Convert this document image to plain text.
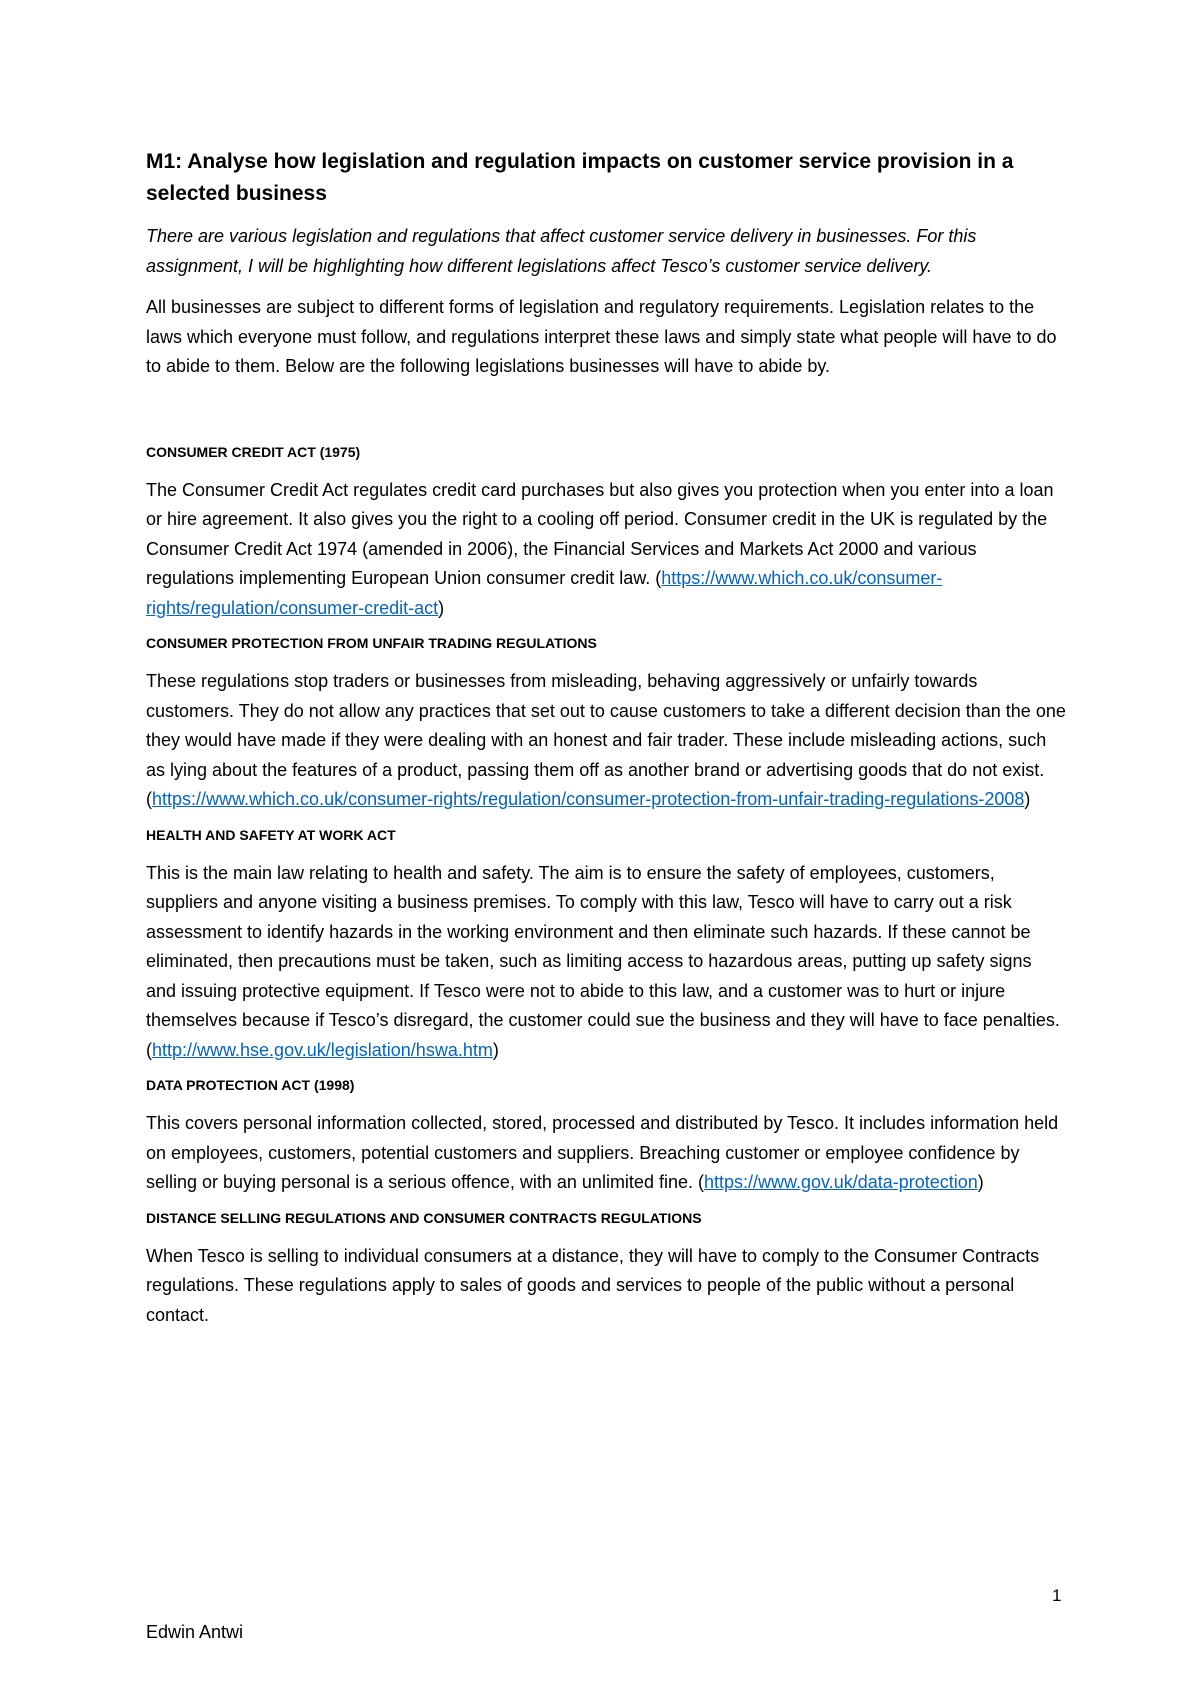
M1: Analyse how legislation and regulation impacts on customer service provision in a selected business

There are various legislation and regulations that affect customer service delivery in businesses. For this assignment, I will be highlighting how different legislations affect Tesco’s customer service delivery.

All businesses are subject to different forms of legislation and regulatory requirements. Legislation relates to the laws which everyone must follow, and regulations interpret these laws and simply state what people will have to do to abide to them. Below are the following legislations businesses will have to abide by.

CONSUMER CREDIT ACT (1975)

The Consumer Credit Act regulates credit card purchases but also gives you protection when you enter into a loan or hire agreement. It also gives you the right to a cooling off period. Consumer credit in the UK is regulated by the Consumer Credit Act 1974 (amended in 2006), the Financial Services and Markets Act 2000 and various regulations implementing European Union consumer credit law. (https://www.which.co.uk/consumer-rights/regulation/consumer-credit-act)

CONSUMER PROTECTION FROM UNFAIR TRADING REGULATIONS

These regulations stop traders or businesses from misleading, behaving aggressively or unfairly towards customers. They do not allow any practices that set out to cause customers to take a different decision than the one they would have made if they were dealing with an honest and fair trader. These include misleading actions, such as lying about the features of a product, passing them off as another brand or advertising goods that do not exist. (https://www.which.co.uk/consumer-rights/regulation/consumer-protection-from-unfair-trading-regulations-2008)

HEALTH AND SAFETY AT WORK ACT

This is the main law relating to health and safety. The aim is to ensure the safety of employees, customers, suppliers and anyone visiting a business premises. To comply with this law, Tesco will have to carry out a risk assessment to identify hazards in the working environment and then eliminate such hazards. If these cannot be eliminated, then precautions must be taken, such as limiting access to hazardous areas, putting up safety signs and issuing protective equipment. If Tesco were not to abide to this law, and a customer was to hurt or injure themselves because if Tesco’s disregard, the customer could sue the business and they will have to face penalties. (http://www.hse.gov.uk/legislation/hswa.htm)

DATA PROTECTION ACT (1998)

This covers personal information collected, stored, processed and distributed by Tesco. It includes information held on employees, customers, potential customers and suppliers. Breaching customer or employee confidence by selling or buying personal is a serious offence, with an unlimited fine. (https://www.gov.uk/data-protection)

DISTANCE SELLING REGULATIONS AND CONSUMER CONTRACTS REGULATIONS

When Tesco is selling to individual consumers at a distance, they will have to comply to the Consumer Contracts regulations. These regulations apply to sales of goods and services to people of the public without a personal contact.

1
Edwin Antwi
